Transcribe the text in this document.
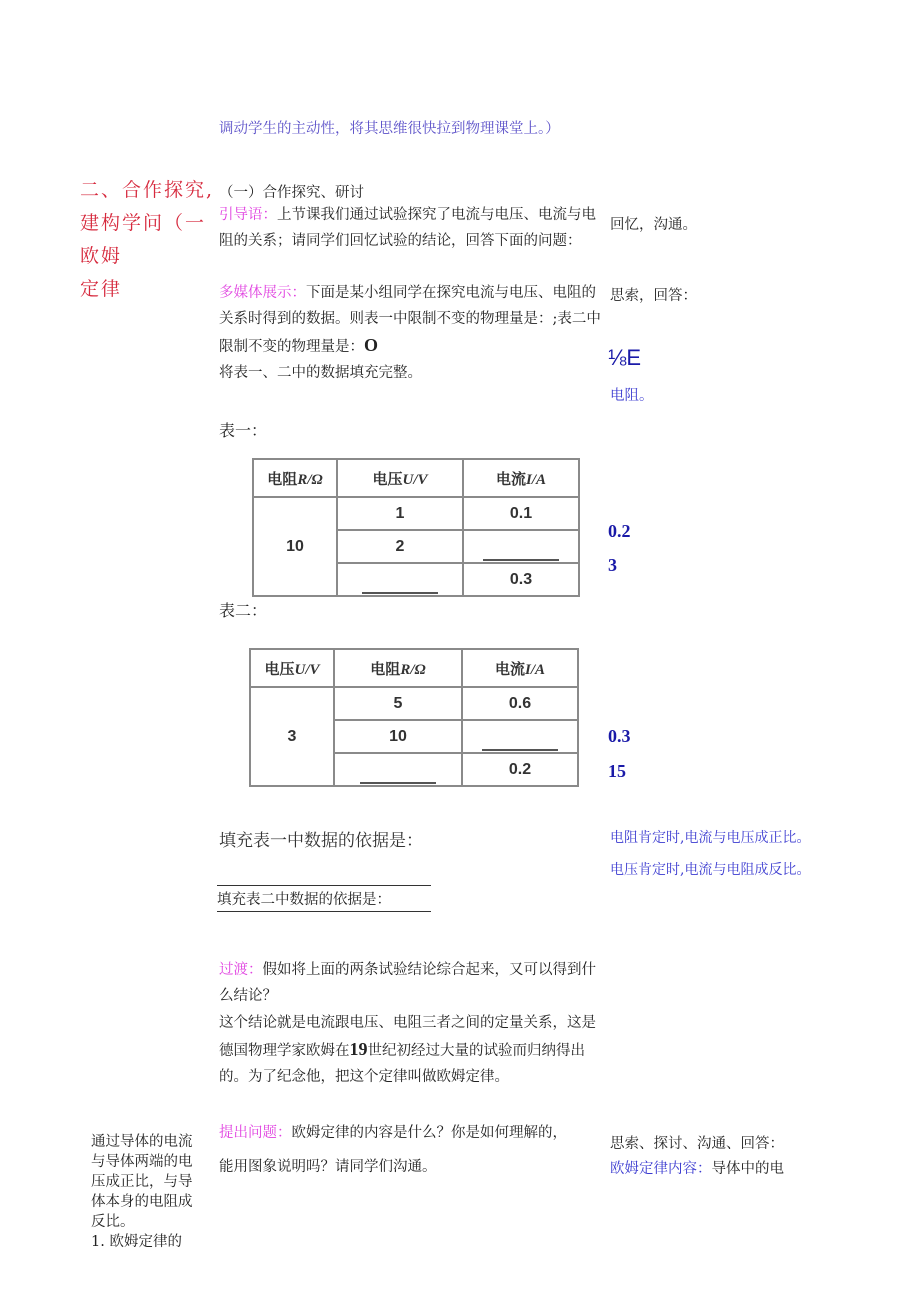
调动学生的主动性，将其思维很快拉到物理课堂上。）
二、合作探究,
建构学问（一
欧姆
定律
（一）合作探究、研讨
引导语：上节课我们通过试验探究了电流与电压、电流与电阻的关系；请同学们回忆试验的结论，回答下面的问题：
多媒体展示：下面是某小组同学在探究电流与电压、电阻的关系时得到的数据。则表一中限制不变的物理量是：;表二中限制不变的物理量是：O
将表一、二中的数据填充完整。
回忆，沟通。
思索，回答：
⅛E
电阻。
0.2
3
0.3
15
电阻肯定时,电流与电压成正比。
电压肯定时,电流与电阻成反比。
表一：
电阻R/Ω	电压U/V	电流I/A
10	1	0.1
	2	
		0.3
表二：
电压U/V	电阻R/Ω	电流I/A
3	5	0.6
	10	
		0.2
填充表一中数据的依据是：
填充表二中数据的依据是：
过渡：假如将上面的两条试验结论综合起来，又可以得到什么结论？
这个结论就是电流跟电压、电阻三者之间的定量关系，这是德国物理学家欧姆在19世纪初经过大量的试验而归纳得出的。为了纪念他，把这个定律叫做欧姆定律。
提出问题：欧姆定律的内容是什么？你是如何理解的，
能用图象说明吗？请同学们沟通。
思索、探讨、沟通、回答：
欧姆定律内容：导体中的电
通过导体的电流
与导体两端的电
压成正比，与导
体本身的电阻成
反比。
1. 欧姆定律的
